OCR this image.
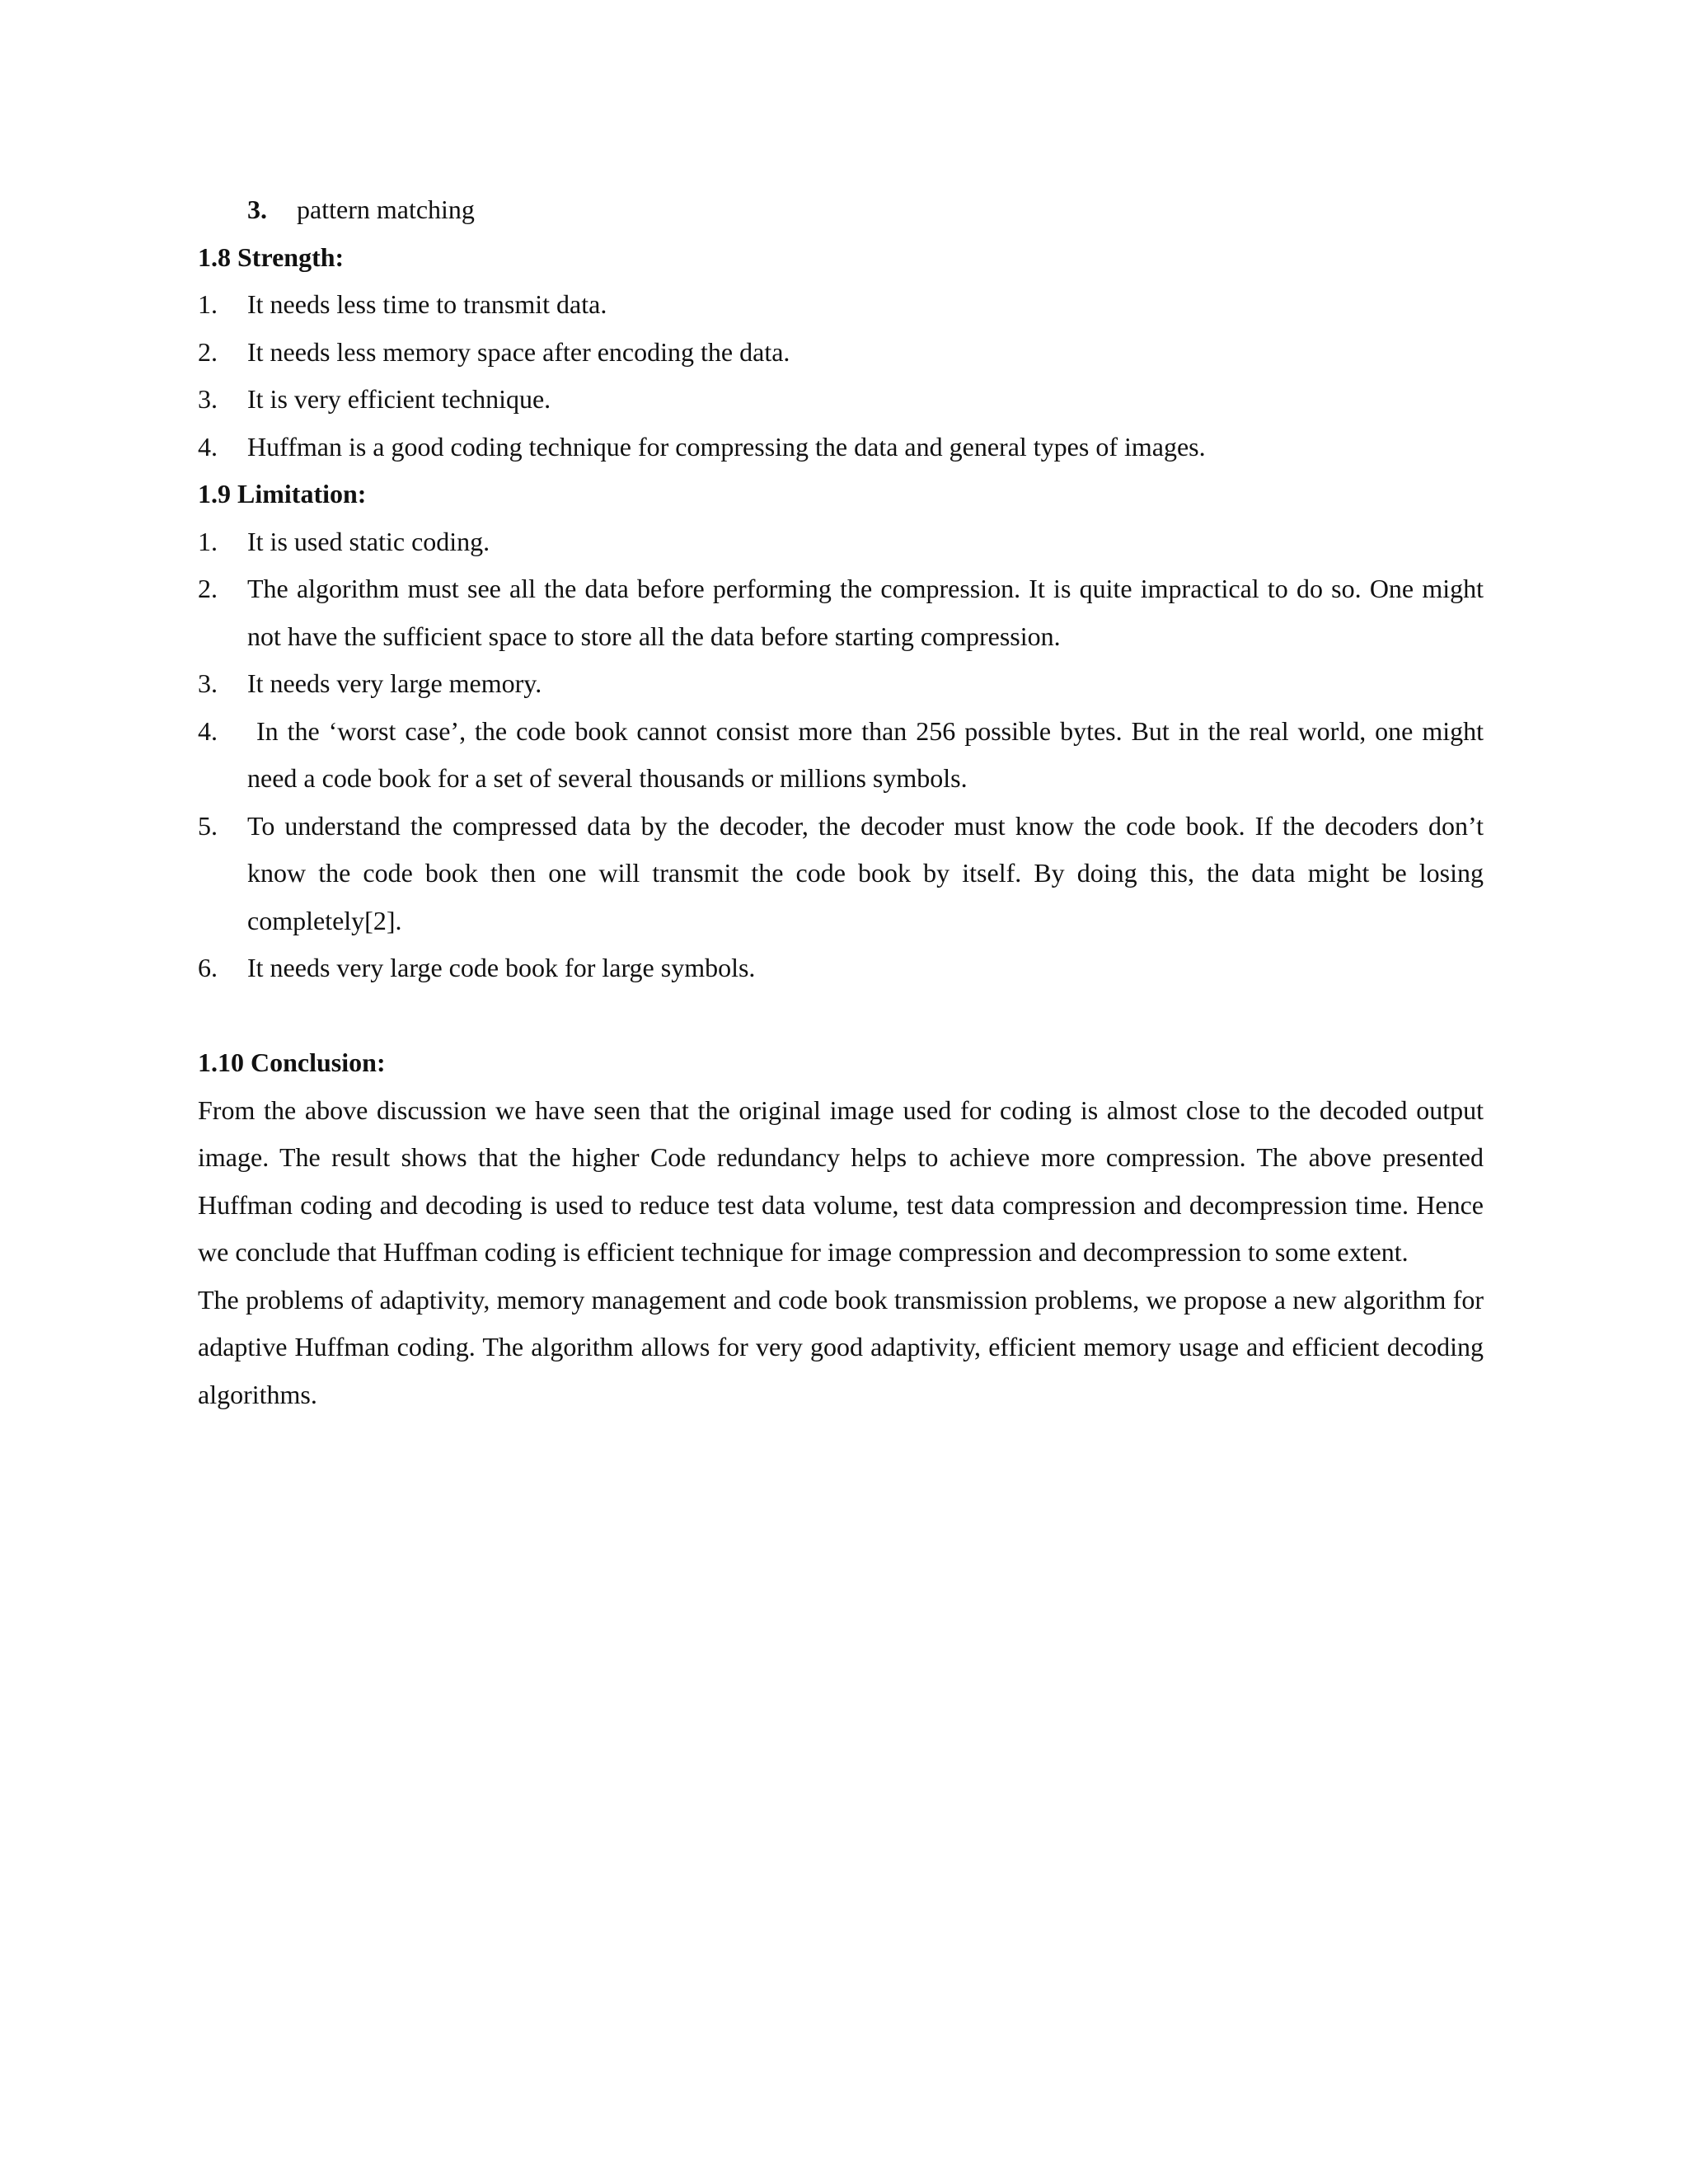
3. pattern matching
1.8 Strength:
1. It needs less time to transmit data.
2. It needs less memory space after encoding the data.
3. It is very efficient technique.
4. Huffman is a good coding technique for compressing the data and general types of images.
1.9 Limitation:
1. It is used static coding.
2. The algorithm must see all the data before performing the compression. It is quite impractical to do so. One might not have the sufficient space to store all the data before starting compression.
3. It needs very large memory.
4. In the ‘worst case’, the code book cannot consist more than 256 possible bytes. But in the real world, one might need a code book for a set of several thousands or millions symbols.
5. To understand the compressed data by the decoder, the decoder must know the code book. If the decoders don’t know the code book then one will transmit the code book by itself. By doing this, the data might be losing completely[2].
6. It needs very large code book for large symbols.
1.10 Conclusion:

From the above discussion we have seen that the original image used for coding is almost close to the decoded output image. The result shows that the higher Code redundancy helps to achieve more compression. The above presented Huffman coding and decoding is used to reduce test data volume, test data compression and decompression time. Hence we conclude that Huffman coding is efficient technique for image compression and decompression to some extent.

The problems of adaptivity, memory management and code book transmission problems, we propose a new algorithm for adaptive Huffman coding. The algorithm allows for very good adaptivity, efficient memory usage and efficient decoding algorithms.
